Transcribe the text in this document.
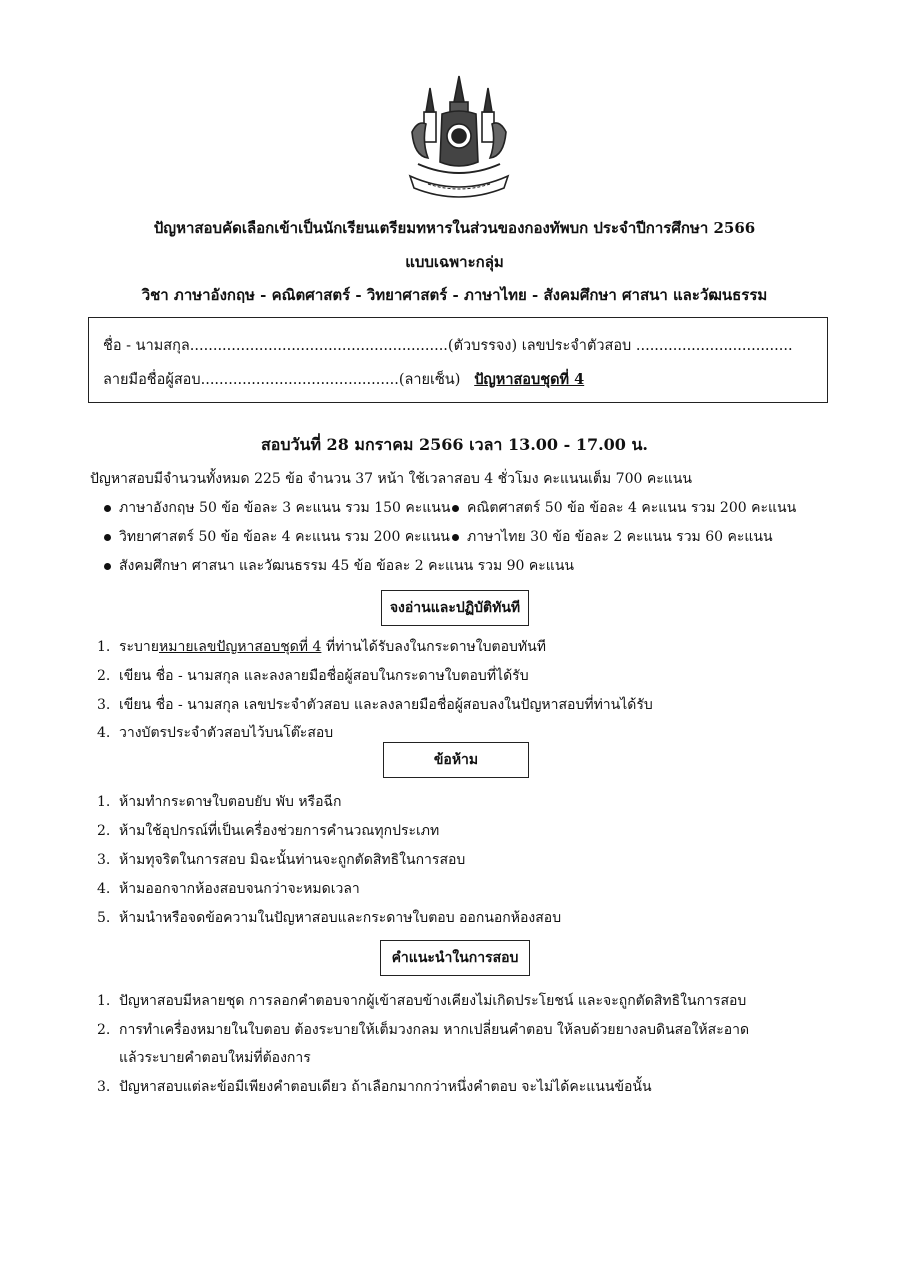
ปัญหาสอบคัดเลือกเข้าเป็นนักเรียนเตรียมทหารในส่วนของกองทัพบก ประจำปีการศึกษา 2566
แบบเฉพาะกลุ่ม
วิชา ภาษาอังกฤษ - คณิตศาสตร์ - วิทยาศาสตร์ - ภาษาไทย - สังคมศึกษา ศาสนา และวัฒนธรรม
ชื่อ - นามสกุล........................................................(ตัวบรรจง) เลขประจำตัวสอบ ..................................
ลายมือชื่อผู้สอบ...........................................(ลายเซ็น) ปัญหาสอบชุดที่ 4
สอบวันที่ 28 มกราคม 2566 เวลา 13.00 - 17.00 น.
ปัญหาสอบมีจำนวนทั้งหมด 225 ข้อ จำนวน 37 หน้า ใช้เวลาสอบ 4 ชั่วโมง คะแนนเต็ม 700 คะแนน
ภาษาอังกฤษ 50 ข้อ ข้อละ 3 คะแนน รวม 150 คะแนน	คณิตศาสตร์ 50 ข้อ ข้อละ 4 คะแนน รวม 200 คะแนน
วิทยาศาสตร์ 50 ข้อ ข้อละ 4 คะแนน รวม 200 คะแนน	ภาษาไทย 30 ข้อ ข้อละ 2 คะแนน รวม 60 คะแนน
สังคมศึกษา ศาสนา และวัฒนธรรม 45 ข้อ ข้อละ 2 คะแนน รวม 90 คะแนน
จงอ่านและปฏิบัติทันที
1. ระบายหมายเลขปัญหาสอบชุดที่ 4 ที่ท่านได้รับลงในกระดาษใบตอบทันที
2. เขียน ชื่อ - นามสกุล และลงลายมือชื่อผู้สอบในกระดาษใบตอบที่ได้รับ
3. เขียน ชื่อ - นามสกุล เลขประจำตัวสอบ และลงลายมือชื่อผู้สอบลงในปัญหาสอบที่ท่านได้รับ
4. วางบัตรประจำตัวสอบไว้บนโต๊ะสอบ
ข้อห้าม
1. ห้ามทำกระดาษใบตอบยับ พับ หรือฉีก
2. ห้ามใช้อุปกรณ์ที่เป็นเครื่องช่วยการคำนวณทุกประเภท
3. ห้ามทุจริตในการสอบ มิฉะนั้นท่านจะถูกตัดสิทธิในการสอบ
4. ห้ามออกจากห้องสอบจนกว่าจะหมดเวลา
5. ห้ามนำหรือจดข้อความในปัญหาสอบและกระดาษใบตอบ ออกนอกห้องสอบ
คำแนะนำในการสอบ
1. ปัญหาสอบมีหลายชุด การลอกคำตอบจากผู้เข้าสอบข้างเคียงไม่เกิดประโยชน์ และจะถูกตัดสิทธิในการสอบ
2. การทำเครื่องหมายในใบตอบ ต้องระบายให้เต็มวงกลม หากเปลี่ยนคำตอบ ให้ลบด้วยยางลบดินสอให้สะอาด
แล้วระบายคำตอบใหม่ที่ต้องการ
3. ปัญหาสอบแต่ละข้อมีเพียงคำตอบเดียว ถ้าเลือกมากกว่าหนึ่งคำตอบ จะไม่ได้คะแนนข้อนั้น
